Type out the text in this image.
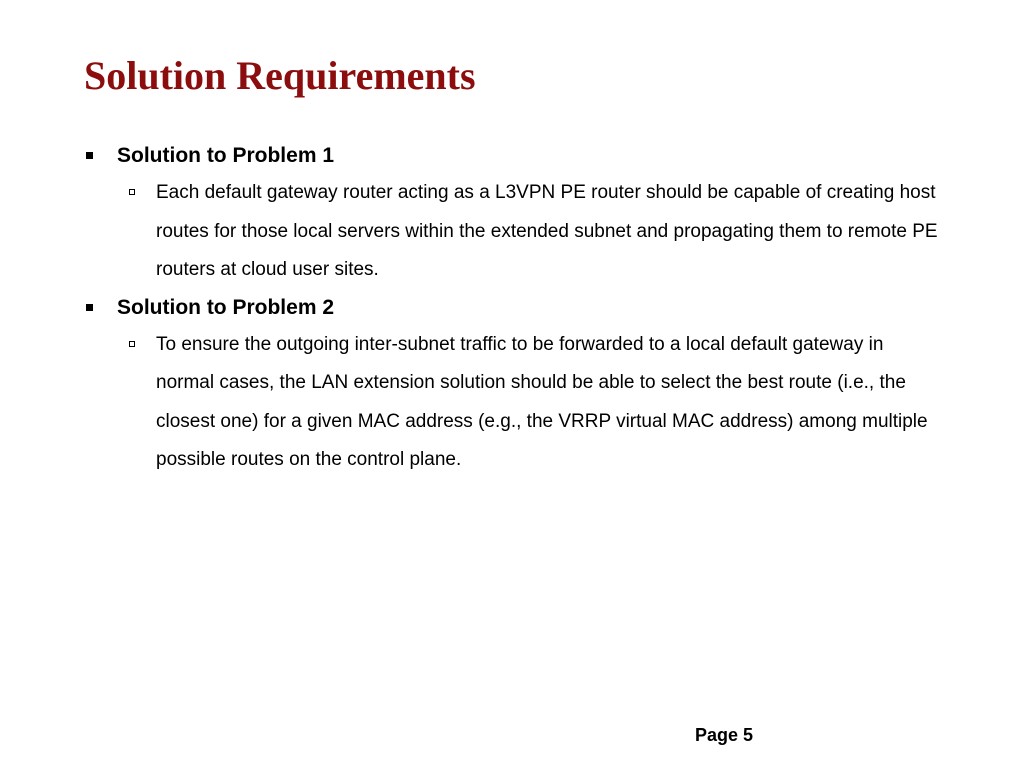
Solution Requirements
Solution to Problem 1
Each default gateway router acting as a L3VPN PE router should be capable of creating host routes for those local servers within the extended subnet and propagating them to remote PE routers at cloud user sites.
Solution to Problem 2
To ensure the outgoing inter-subnet traffic to be forwarded to a local default gateway in normal cases, the LAN extension solution should be able to select the best route (i.e., the closest one) for a given MAC address (e.g., the VRRP virtual MAC address) among multiple possible routes on the control plane.
Page 5
